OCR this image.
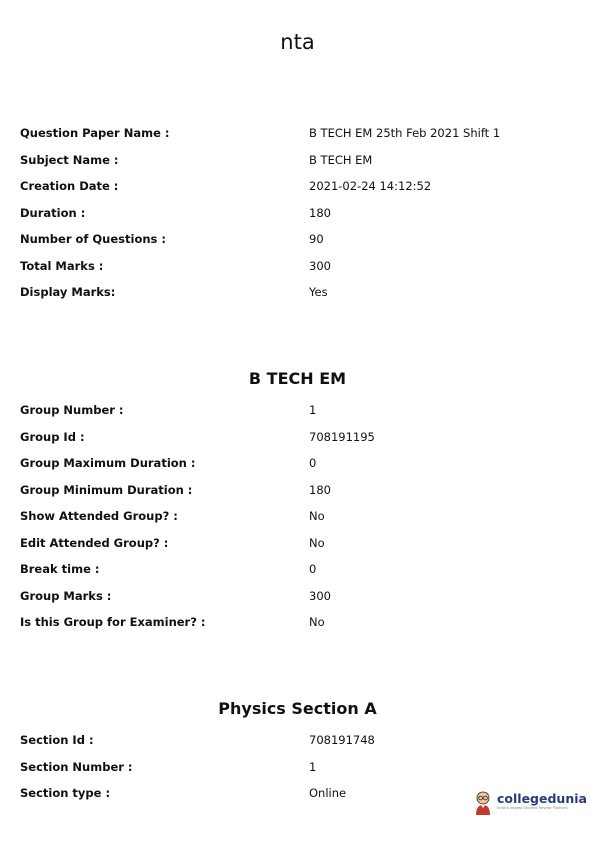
nta
Question Paper Name :	B TECH EM 25th Feb 2021 Shift 1
Subject Name :	B TECH EM
Creation Date :	2021-02-24 14:12:52
Duration :	180
Number of Questions :	90
Total Marks :	300
Display Marks:	Yes
B TECH EM
Group Number :	1
Group Id :	708191195
Group Maximum Duration :	0
Group Minimum Duration :	180
Show Attended Group? :	No
Edit Attended Group? :	No
Break time :	0
Group Marks :	300
Is this Group for Examiner? :	No
Physics Section A
Section Id :	708191748
Section Number :	1
Section type :	Online	collegedunia
India's largest Student Review Platform
